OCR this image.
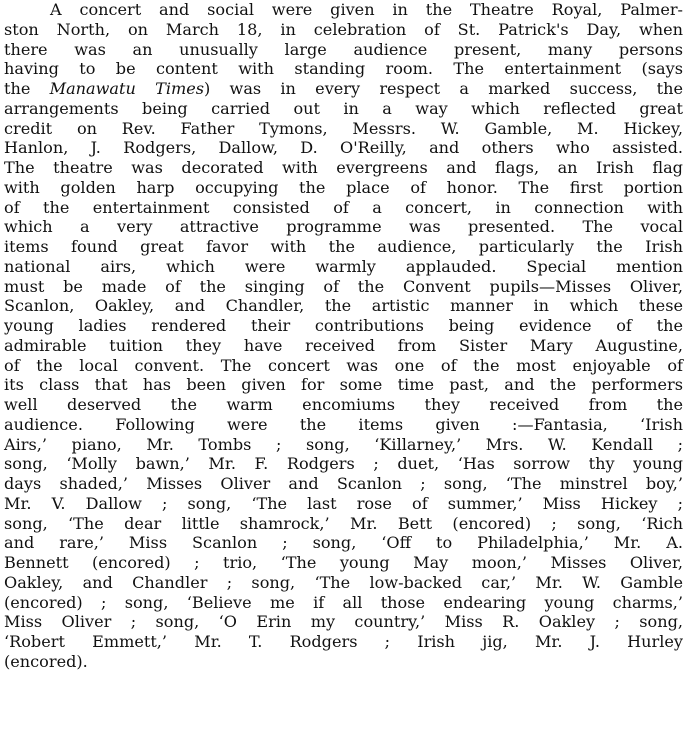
A concert and social were given in the Theatre Royal, Palmer-
ston North, on March 18, in celebration of St. Patrick's Day, when
there was an unusually large audience present, many persons
having to be content with standing room. The entertainment (says
the Manawatu Times) was in every respect a marked success, the
arrangements being carried out in a way which reflected great
credit on Rev. Father Tymons, Messrs. W. Gamble, M. Hickey,
Hanlon, J. Rodgers, Dallow, D. O'Reilly, and others who assisted.
The theatre was decorated with evergreens and flags, an Irish flag
with golden harp occupying the place of honor. The first portion
of the entertainment consisted of a concert, in connection with
which a very attractive programme was presented. The vocal
items found great favor with the audience, particularly the Irish
national airs, which were warmly applauded. Special mention
must be made of the singing of the Convent pupils—Misses Oliver,
Scanlon, Oakley, and Chandler, the artistic manner in which these
young ladies rendered their contributions being evidence of the
admirable tuition they have received from Sister Mary Augustine,
of the local convent. The concert was one of the most enjoyable of
its class that has been given for some time past, and the performers
well deserved the warm encomiums they received from the
audience. Following were the items given :—Fantasia, ‘Irish
Airs,’ piano, Mr. Tombs ; song, ‘Killarney,’ Mrs. W. Kendall ;
song, ‘Molly bawn,’ Mr. F. Rodgers ; duet, ‘Has sorrow thy young
days shaded,’ Misses Oliver and Scanlon ; song, ‘The minstrel boy,’
Mr. V. Dallow ; song, ‘The last rose of summer,’ Miss Hickey ;
song, ‘The dear little shamrock,’ Mr. Bett (encored) ; song, ‘Rich
and rare,’ Miss Scanlon ; song, ‘Off to Philadelphia,’ Mr. A.
Bennett (encored) ; trio, ‘The young May moon,’ Misses Oliver,
Oakley, and Chandler ; song, ‘The low-backed car,’ Mr. W. Gamble
(encored) ; song, ‘Believe me if all those endearing young charms,’
Miss Oliver ; song, ‘O Erin my country,’ Miss R. Oakley ; song,
‘Robert Emmett,’ Mr. T. Rodgers ; Irish jig, Mr. J. Hurley
(encored).
